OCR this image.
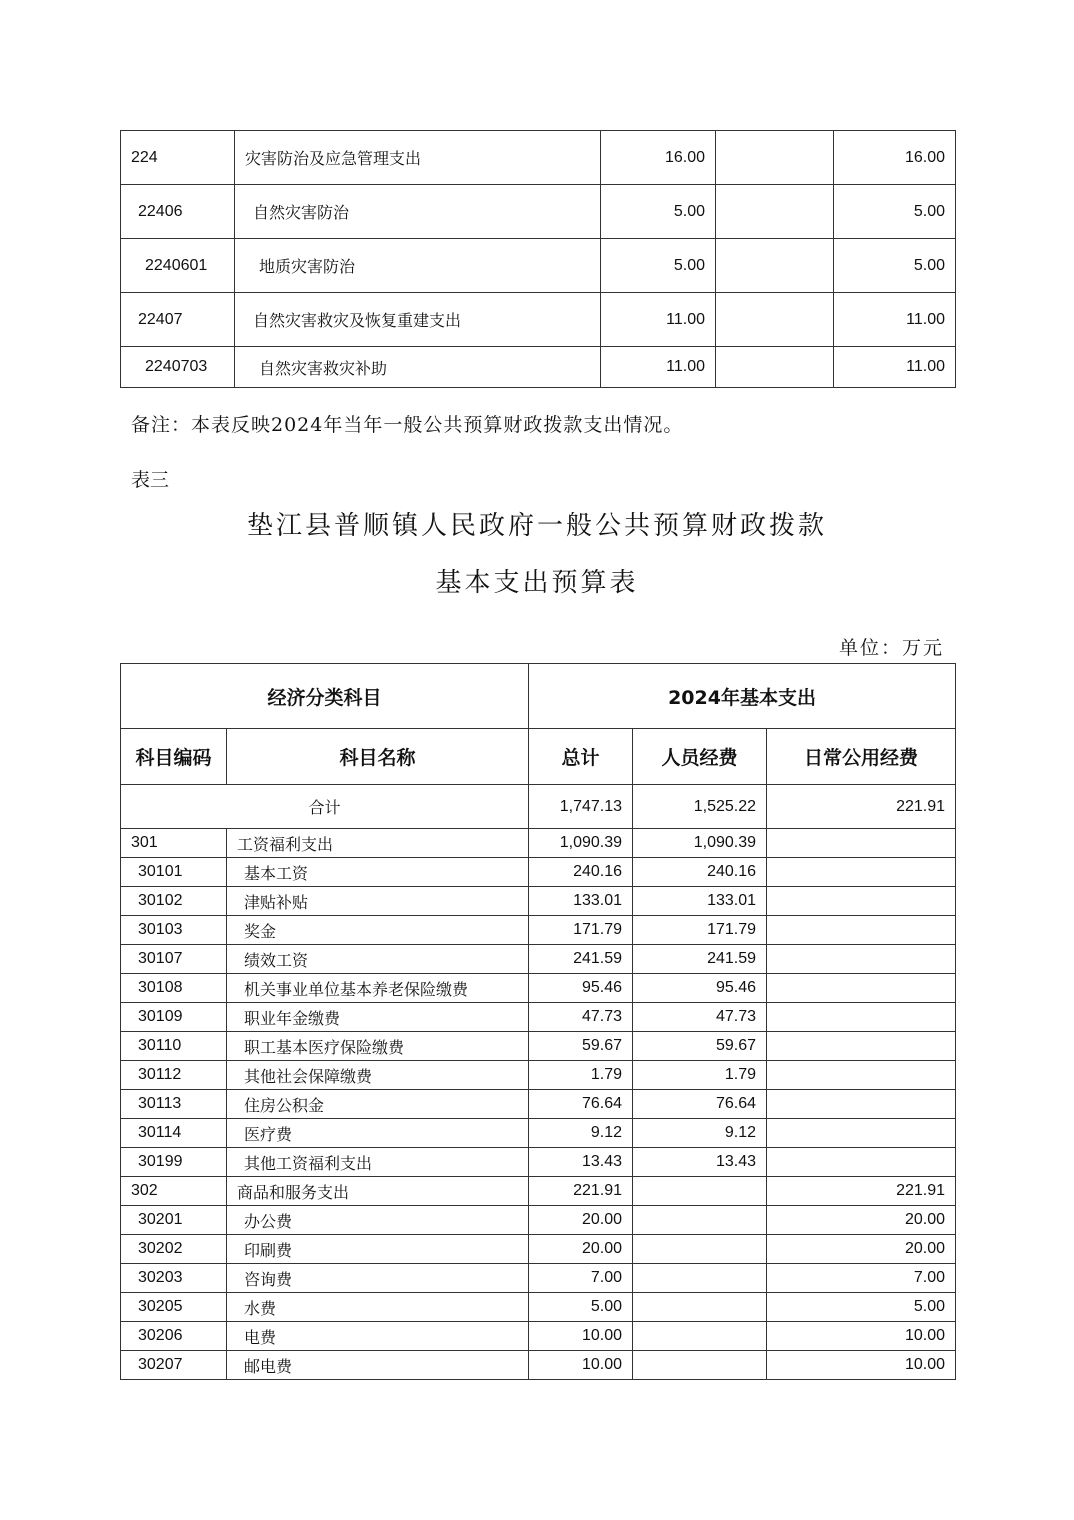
224	灾害防治及应急管理支出	16.00		16.00
22406	自然灾害防治	5.00		5.00
2240601	地质灾害防治	5.00		5.00
22407	自然灾害救灾及恢复重建支出	11.00		11.00
2240703	自然灾害救灾补助	11.00		11.00
备注：本表反映2024年当年一般公共预算财政拨款支出情况。
表三
垫江县普顺镇人民政府一般公共预算财政拨款
基本支出预算表
单位：万元
经济分类科目		2024年基本支出		
科目编码	科目名称	总计	人员经费	日常公用经费
合计		1,747.13	1,525.22	221.91
301	工资福利支出	1,090.39	1,090.39	
30101	基本工资	240.16	240.16	
30102	津贴补贴	133.01	133.01	
30103	奖金	171.79	171.79	
30107	绩效工资	241.59	241.59	
30108	机关事业单位基本养老保险缴费	95.46	95.46	
30109	职业年金缴费	47.73	47.73	
30110	职工基本医疗保险缴费	59.67	59.67	
30112	其他社会保障缴费	1.79	1.79	
30113	住房公积金	76.64	76.64	
30114	医疗费	9.12	9.12	
30199	其他工资福利支出	13.43	13.43	
302	商品和服务支出	221.91		221.91
30201	办公费	20.00		20.00
30202	印刷费	20.00		20.00
30203	咨询费	7.00		7.00
30205	水费	5.00		5.00
30206	电费	10.00		10.00
30207	邮电费	10.00		10.00
